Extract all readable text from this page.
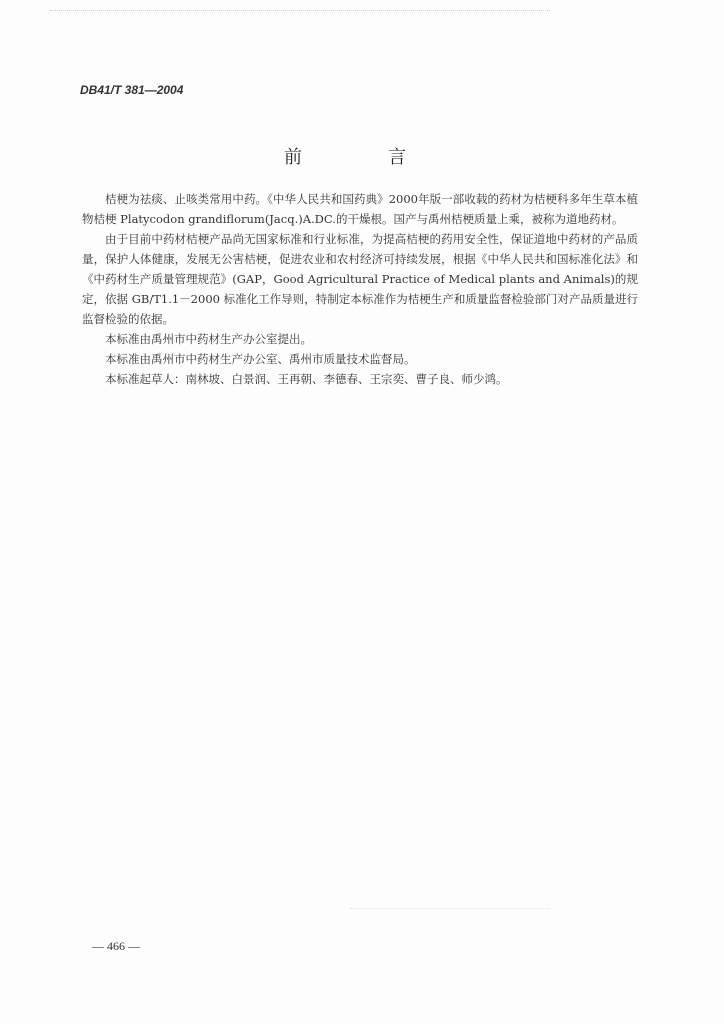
DB41/T 381—2004
前　言

桔梗为祛痰、止咳类常用中药。《中华人民共和国药典》2000年版一部收载的药材为桔梗科多年生草本植物桔梗 Platycodon grandiflorum(Jacq.)A.DC.的干燥根。国产与禹州桔梗质量上乘，被称为道地药材。

由于目前中药材桔梗产品尚无国家标准和行业标准，为提高桔梗的药用安全性，保证道地中药材的产品质量，保护人体健康，发展无公害桔梗，促进农业和农村经济可持续发展，根据《中华人民共和国标准化法》和《中药材生产质量管理规范》(GAP，Good Agricultural Practice of Medical plants and Animals)的规定，依据 GB/T1.1－2000 标准化工作导则，特制定本标准作为桔梗生产和质量监督检验部门对产品质量进行监督检验的依据。

本标准由禹州市中药材生产办公室提出。

本标准由禹州市中药材生产办公室、禹州市质量技术监督局。

本标准起草人：南林坡、白景润、王再朝、李德春、王宗奕、曹子良、师少鸿。

— 466 —
